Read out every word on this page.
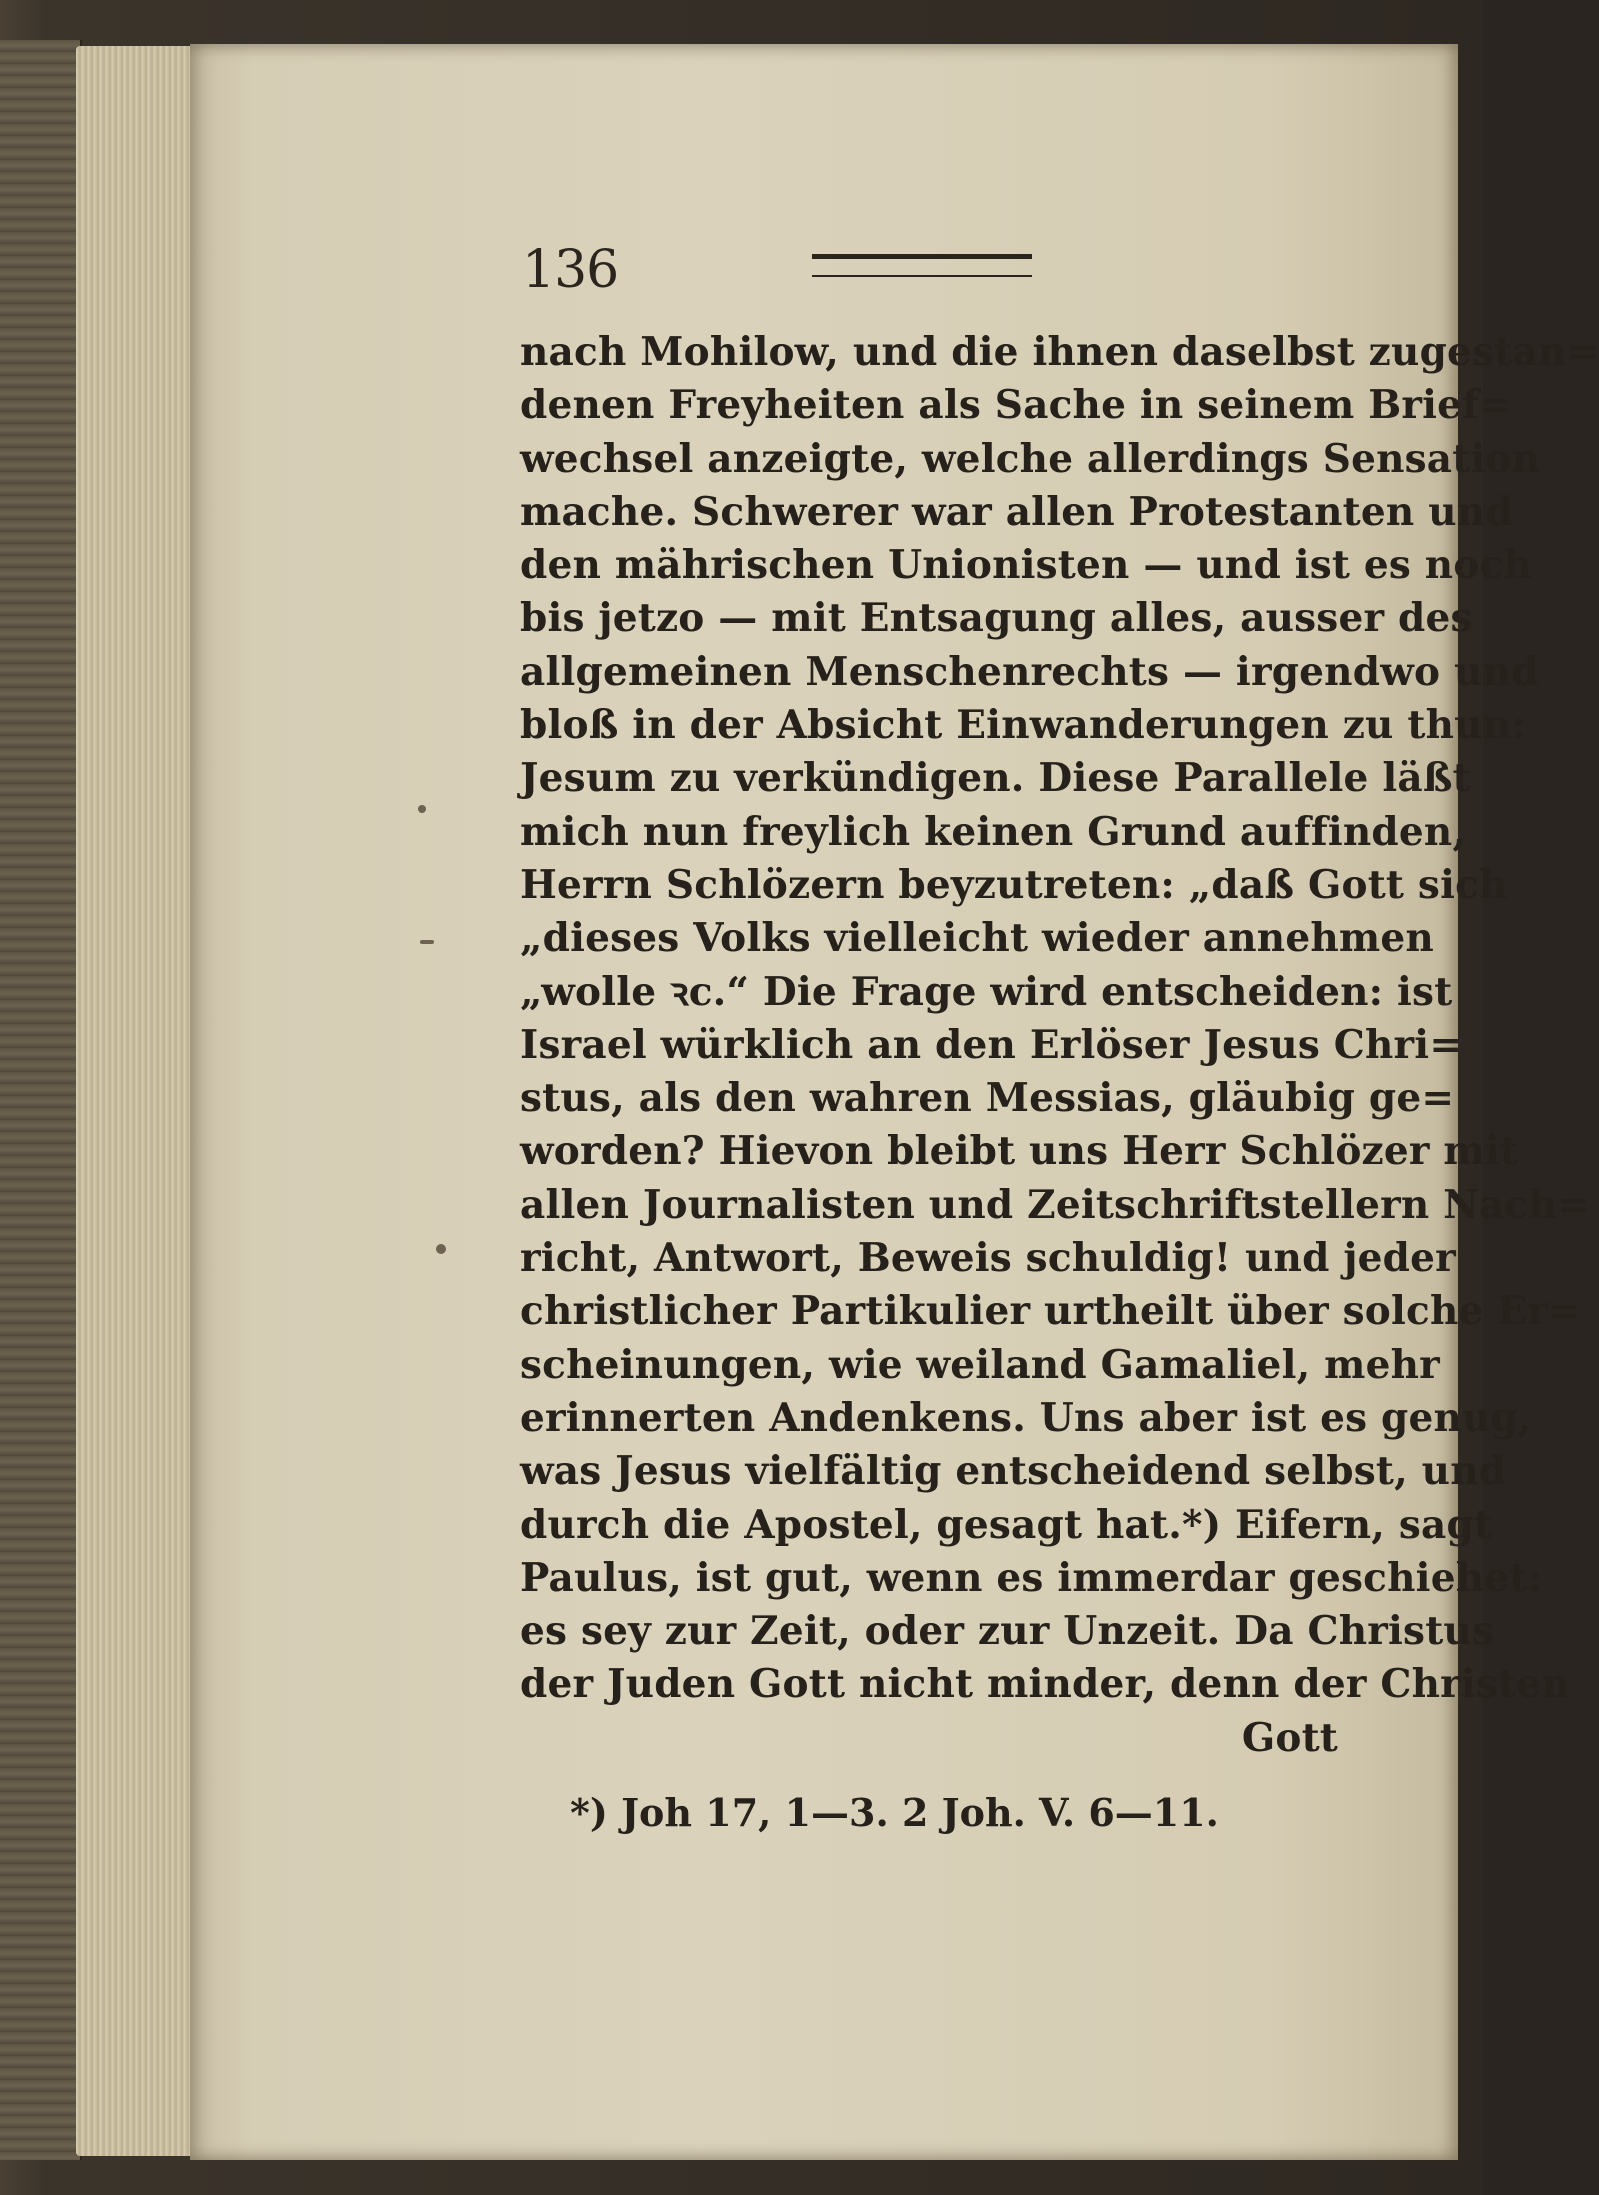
136
nach Mohilow, und die ihnen daselbst zugestan=
denen Freyheiten als Sache in seinem Brief=
wechsel anzeigte, welche allerdings Sensation
mache. Schwerer war allen Protestanten und
den mährischen Unionisten — und ist es noch
bis jetzo — mit Entsagung alles, ausser des
allgemeinen Menschenrechts — irgendwo und
bloß in der Absicht Einwanderungen zu thun:
Jesum zu verkündigen. Diese Parallele läßt
mich nun freylich keinen Grund auffinden,
Herrn Schlözern beyzutreten: „daß Gott sich
„dieses Volks vielleicht wieder annehmen
„wolle ꝛc.“ Die Frage wird entscheiden: ist
Israel würklich an den Erlöser Jesus Chri=
stus, als den wahren Messias, gläubig ge=
worden? Hievon bleibt uns Herr Schlözer mit
allen Journalisten und Zeitschriftstellern Nach=
richt, Antwort, Beweis schuldig! und jeder
christlicher Partikulier urtheilt über solche Er=
scheinungen, wie weiland Gamaliel, mehr
erinnerten Andenkens. Uns aber ist es genug,
was Jesus vielfältig entscheidend selbst, und
durch die Apostel, gesagt hat.*) Eifern, sagt
Paulus, ist gut, wenn es immerdar geschiehet:
es sey zur Zeit, oder zur Unzeit. Da Christus
der Juden Gott nicht minder, denn der Christen
Gott
*) Joh 17, 1—3. 2 Joh. V. 6—11.
